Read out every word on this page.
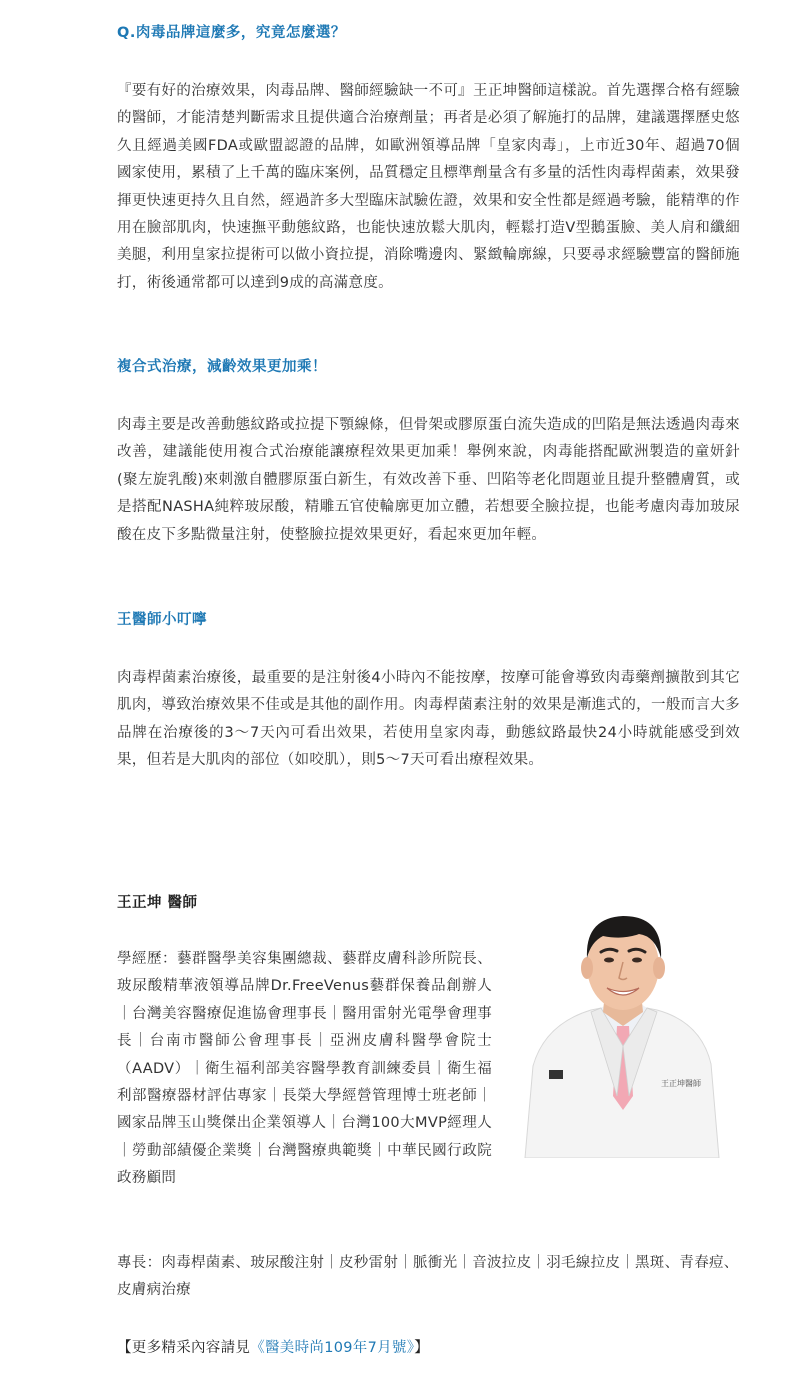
Q.肉毒品牌這麼多，究竟怎麼選？

『要有好的治療效果，肉毒品牌、醫師經驗缺一不可』王正坤醫師這樣說。首先選擇合格有經驗的醫師，才能清楚判斷需求且提供適合治療劑量；再者是必須了解施打的品牌，建議選擇歷史悠久且經過美國FDA或歐盟認證的品牌，如歐洲領導品牌「皇家肉毒」，上市近30年、超過70個國家使用，累積了上千萬的臨床案例，品質穩定且標準劑量含有多量的活性肉毒桿菌素，效果發揮更快速更持久且自然，經過許多大型臨床試驗佐證，效果和安全性都是經過考驗，能精準的作用在臉部肌肉，快速撫平動態紋路，也能快速放鬆大肌肉，輕鬆打造V型鵝蛋臉、美人肩和纖細美腿，利用皇家拉提術可以做小資拉提，消除嘴邊肉、緊緻輪廓線，只要尋求經驗豐富的醫師施打，術後通常都可以達到9成的高滿意度。

複合式治療，減齡效果更加乘！

肉毒主要是改善動態紋路或拉提下顎線條，但骨架或膠原蛋白流失造成的凹陷是無法透過肉毒來改善，建議能使用複合式治療能讓療程效果更加乘！舉例來說，肉毒能搭配歐洲製造的童妍針(聚左旋乳酸)來刺激自體膠原蛋白新生，有效改善下垂、凹陷等老化問題並且提升整體膚質，或是搭配NASHA純粹玻尿酸，精雕五官使輪廓更加立體，若想要全臉拉提，也能考慮肉毒加玻尿酸在皮下多點微量注射，使整臉拉提效果更好，看起來更加年輕。

王醫師小叮嚀

肉毒桿菌素治療後，最重要的是注射後4小時內不能按摩，按摩可能會導致肉毒藥劑擴散到其它肌肉，導致治療效果不佳或是其他的副作用。肉毒桿菌素注射的效果是漸進式的，一般而言大多品牌在治療後的3～7天內可看出效果，若使用皇家肉毒，動態紋路最快24小時就能感受到效果，但若是大肌肉的部位（如咬肌），則5～7天可看出療程效果。

王正坤 醫師
學經歷：藝群醫學美容集團總裁、藝群皮膚科診所院長、玻尿酸精華液領導品牌Dr.FreeVenus藝群保養品創辦人｜台灣美容醫療促進協會理事長｜醫用雷射光電學會理事長｜台南市醫師公會理事長｜亞洲皮膚科醫學會院士（AADV）｜衛生福利部美容醫學教育訓練委員｜衛生福利部醫療器材評估專家｜長榮大學經營管理博士班老師｜國家品牌玉山獎傑出企業領導人｜台灣100大MVP經理人｜勞動部績優企業獎｜台灣醫療典範獎｜中華民國行政院政務顧問
王正坤醫師
專長：肉毒桿菌素、玻尿酸注射｜皮秒雷射｜脈衝光｜音波拉皮｜羽毛線拉皮｜黑斑、青春痘、皮膚病治療
【更多精采內容請見《醫美時尚109年7月號》】
